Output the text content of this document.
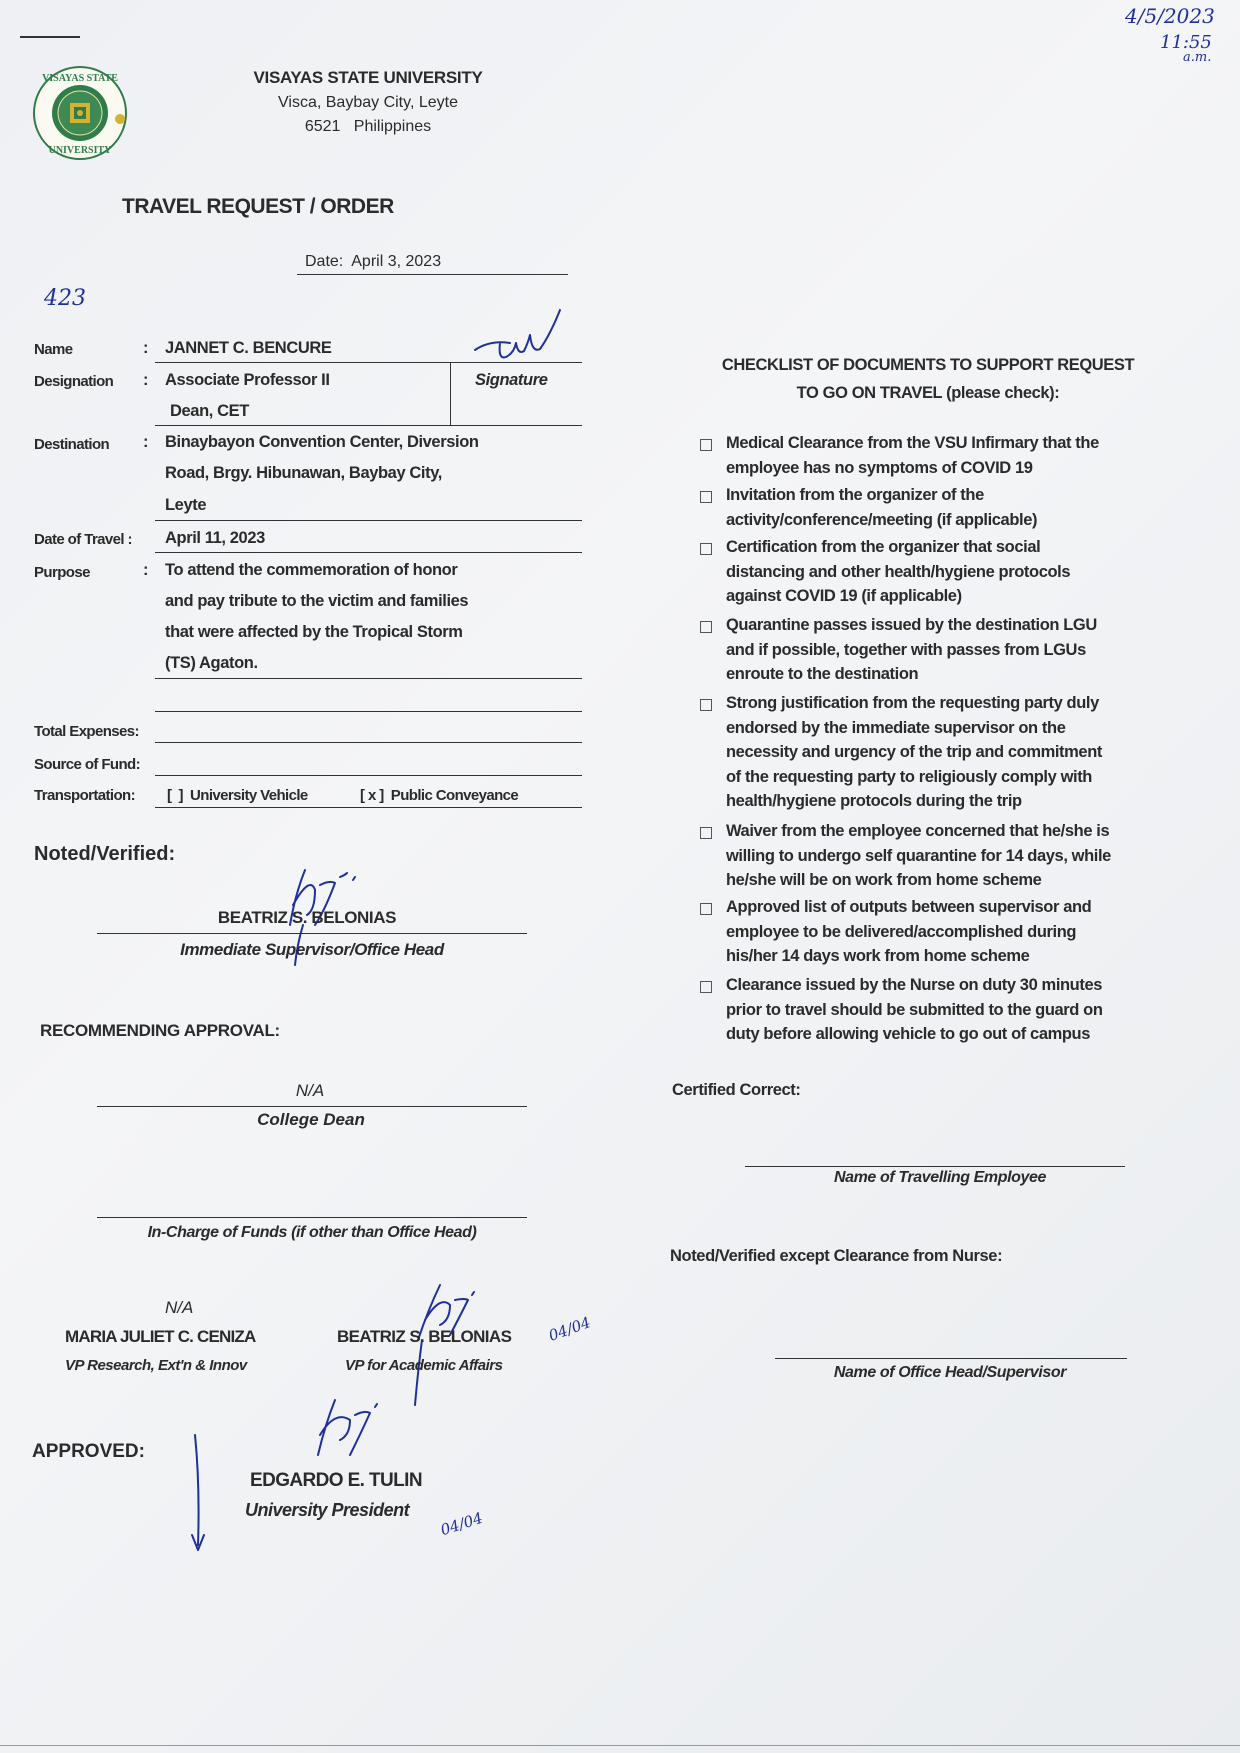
VISAYAS STATE
UNIVERSITY
VISAYAS STATE UNIVERSITY
Visca, Baybay City, Leyte
6521   Philippines
4/5/2023
11:55
a.m.
TRAVEL REQUEST / ORDER
Date:  April 3, 2023
423
Name	: JANNET C. BENCURE
Designation : Associate Professor II
Dean, CET
Signature
Destination : Binaybayon Convention Center, Diversion
Road, Brgy. Hibunawan, Baybay City,
Leyte
Date of Travel : April 11, 2023
Purpose	: To attend the commemoration of honor
and pay tribute to the victim and families
that were affected by the Tropical Storm
(TS) Agaton.
Total Expenses:
Source of Fund:
Transportation: [  ]  University Vehicle	[ x ]  Public Conveyance
Noted/Verified:
BEATRIZ S. BELONIAS
Immediate Supervisor/Office Head
RECOMMENDING APPROVAL:
N/A
College Dean
In-Charge of Funds (if other than Office Head)
N/A
MARIA JULIET C. CENIZA
VP Research, Ext'n & Innov
BEATRIZ S. BELONIAS
VP for Academic Affairs
04/04
APPROVED:
EDGARDO E. TULIN
University President 04/04
CHECKLIST OF DOCUMENTS TO SUPPORT REQUEST
TO GO ON TRAVEL (please check):
Medical Clearance from the VSU Infirmary that the
employee has no symptoms of COVID 19
Invitation from the organizer of the
activity/conference/meeting (if applicable)
Certification from the organizer that social
distancing and other health/hygiene protocols
against COVID 19 (if applicable)
Quarantine passes issued by the destination LGU
and if possible, together with passes from LGUs
enroute to the destination
Strong justification from the requesting party duly
endorsed by the immediate supervisor on the
necessity and urgency of the trip and commitment
of the requesting party to religiously comply with
health/hygiene protocols during the trip
Waiver from the employee concerned that he/she is
willing to undergo self quarantine for 14 days, while
he/she will be on work from home scheme
Approved list of outputs between supervisor and
employee to be delivered/accomplished during
his/her 14 days work from home scheme
Clearance issued by the Nurse on duty 30 minutes
prior to travel should be submitted to the guard on
duty before allowing vehicle to go out of campus
Certified Correct:
Name of Travelling Employee
Noted/Verified except Clearance from Nurse:
Name of Office Head/Supervisor
